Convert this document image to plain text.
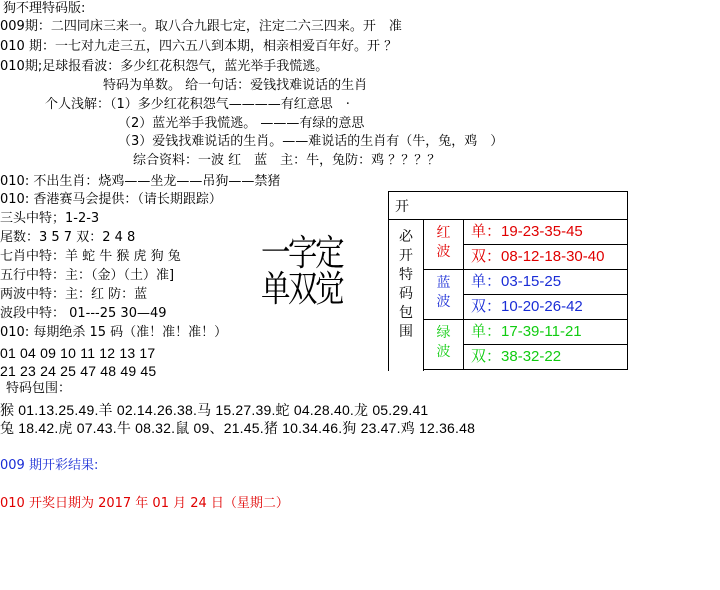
狗不理特码版:
009期：二四同床三来一。取八合九跟七定，注定二六三四来。开　准
010 期：一七对九走三五，四六五八到本期，相亲相爱百年好。开 ？
010期;足球报看波：多少红花积怨气，蓝光举手我慌逃。
特码为单数。 给一句话：爱钱找难说话的生肖
个人浅解：（1）多少红花积怨气————有红意思　·
（2）蓝光举手我慌逃。 ———有绿的意思
（3）爱钱找难说话的生肖。——难说话的生肖有（牛，兔，鸡　）
综合资料：一波 红　蓝　主：牛，兔防：鸡 ？？？？
010: 不出生肖：烧鸡——坐龙——吊狗——禁猪
010: 香港赛马会提供：（请长期跟踪）
三头中特；1-2-3
尾数：3 5 7 双：2 4 8
七肖中特：羊 蛇 牛 猴 虎 狗 兔
五行中特：主：（金）（土）准]
两波中特：主：红 防：蓝
波段中特： 01---25 30—49
010: 每期绝杀 15 码（准！准！准！）
01 04 09 10 11 12 13 17
21 23 24 25 47 48 49 45
特码包围：
猴 01.13.25.49.羊 02.14.26.38.马 15.27.39.蛇 04.28.40.龙 05.29.41
兔 18.42.虎 07.43.牛 08.32.鼠 09、21.45.猪 10.34.46.狗 23.47.鸡 12.36.48
009 期开彩结果:
010 开奖日期为 2017 年 01 月 24 日（星期二）
一字定单双觉
开
必开特码包围
红波
单：19-23-35-45
双：08-12-18-30-40
蓝波
单：03-15-25
双：10-20-26-42
绿波
单：17-39-11-21
双：38-32-22
